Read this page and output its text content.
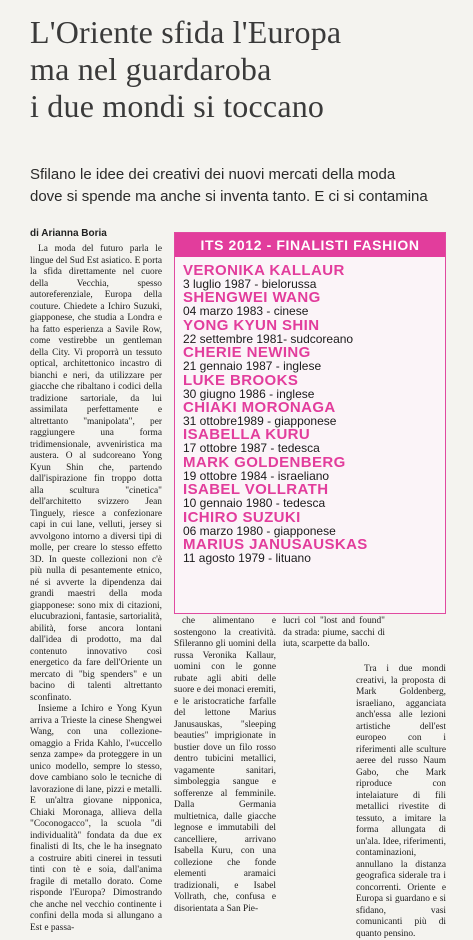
L'Oriente sfida l'Europa
ma nel guardaroba
i due mondi si toccano
Sfilano le idee dei creativi dei nuovi mercati della moda
dove si spende ma anche si inventa tanto. E ci si contamina
di Arianna Boria

La moda del futuro parla le lingue del Sud Est asiatico. E porta la sfida direttamente nel cuore della Vecchia, spesso autoreferenziale, Europa della couture. Chiedete a Ichiro Suzuki, giapponese, che studia a Londra e ha fatto esperienza a Savile Row, come vestirebbe un gentleman della City. Vi proporrà un tessuto optical, architettonico incastro di bianchi e neri, da utilizzare per giacche che ribaltano i codici della tradizione sartoriale, da lui assimilata perfettamente e altrettanto "manipolata", per raggiungere una forma tridimensionale, avveniristica ma austera. O al sudcoreano Yong Kyun Shin che, partendo dall'ispirazione fin troppo dotta alla scultura "cinetica" dell'architetto svizzero Jean Tinguely, riesce a confezionare capi in cui lane, velluti, jersey si avvolgono intorno a diversi tipi di molle, per creare lo stesso effetto 3D. In queste collezioni non c'è più nulla di pesantemente etnico, né si avverte la dipendenza dai grandi maestri della moda giapponese: sono mix di citazioni, elucubrazioni, fantasie, sartorialità, abilità, forse ancora lontani dall'idea di prodotto, ma dal contenuto innovativo così energetico da fare dell'Oriente un mercato di "big spenders" e un bacino di talenti altrettanto sconfinato.

Insieme a Ichiro e Yong Kyun arriva a Trieste la cinese Shengwei Wang, con una collezione-omaggio a Frida Kahlo, l'«uccello senza zampe» da proteggere in un unico modello, sempre lo stesso, dove cambiano solo le tecniche di lavorazione di lane, pizzi e metalli. E un'altra giovane nipponica, Chiaki Moronaga, allieva della "Coconogacco", la scuola "di individualità" fondata da due ex finalisti di Its, che le ha insegnato a costruire abiti cinerei in tessuti tinti con tè e soia, dall'anima fragile di metallo dorato. Come risponde l'Europa? Dimostrando che anche nel vecchio continente i confini della moda si allungano a Est e passa-

ITS 2012 - FINALISTI FASHION
VERONIKA KALLAUR
3 luglio 1987 - bielorussa
SHENGWEI WANG
04 marzo 1983 - cinese
YONG KYUN SHIN
22 settembre 1981- sudcoreano
CHERIE NEWING
21 gennaio 1987 - inglese
LUKE BROOKS
30 giugno 1986 - inglese
CHIAKI MORONAGA
31 ottobre1989 - giapponese
ISABELLA KURU
17 ottobre 1987 - tedesca
MARK GOLDENBERG
19 ottobre 1984 - israeliano
ISABEL VOLLRATH
10 gennaio 1980 - tedesca
ICHIRO SUZUKI
06 marzo 1980 - giapponese
MARIUS JANUSAUSKAS
11 agosto 1979 - lituano

che alimentano e sostengono la creatività. Sfileranno gli uomini della russa Veronika Kallaur, uomini con le gonne rubate agli abiti delle suore e dei monaci eremiti, e le aristocratiche farfalle del lettone Marius Janusauskas, "sleeping beauties" imprigionate in bustier dove un filo rosso dentro tubicini metallici, vagamente sanitari, simboleggia sangue e sofferenze al femminile. Dalla Germania multietnica, dalle giacche legnose e immutabili del cancelliere, arrivano Isabella Kuru, con una collezione che fonde elementi aramaici tradizionali, e Isabel Vollrath, che, confusa e disorientata a San Pie-

lucri col "lost and found" da strada: piume, sacchi di iuta, scarpette da ballo.

Tra i due mondi creativi, la proposta di Mark Goldenberg, israeliano, agganciata anch'essa alle lezioni artistiche dell'est europeo con i riferimenti alle sculture aeree del russo Naum Gabo, che Mark riproduce con intelaiature di fili metallici rivestite di tessuto, a imitare la forma allungata di un'ala. Idee, riferimenti, contaminazioni, annullano la distanza geografica siderale tra i concorrenti. Oriente e Europa si guardano e si sfidano, vasi comunicanti più di quanto pensino.
